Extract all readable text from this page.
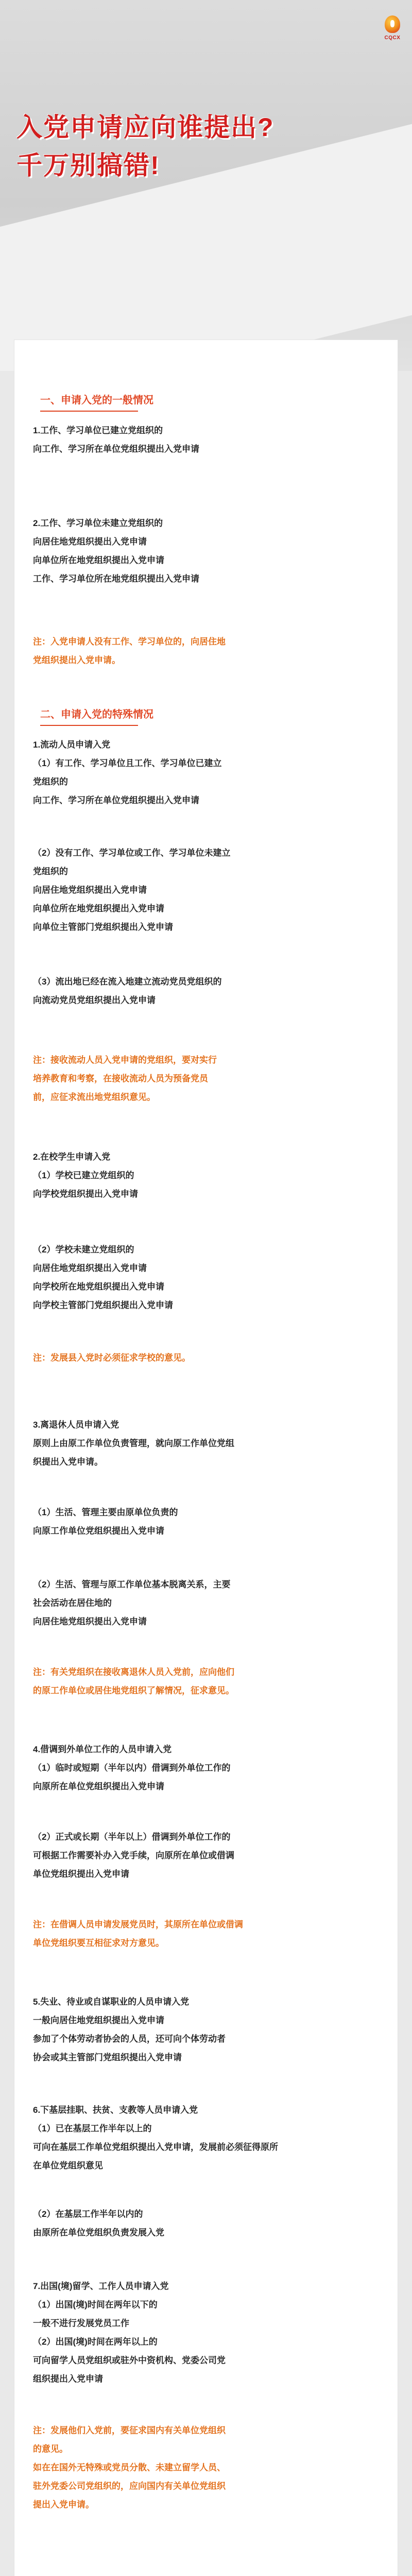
CQCX
入党申请应向谁提出?
千万别搞错!
一、申请入党的一般情况

1.工作、学习单位已建立党组织的

向工作、学习所在单位党组织提出入党申请

2.工作、学习单位未建立党组织的

向居住地党组织提出入党申请

向单位所在地党组织提出入党申请

工作、学习单位所在地党组织提出入党申请

注：入党申请人没有工作、学习单位的，向居住地

党组织提出入党申请。

二、申请入党的特殊情况

1.流动人员申请入党

（1）有工作、学习单位且工作、学习单位已建立

党组织的

向工作、学习所在单位党组织提出入党申请

（2）没有工作、学习单位或工作、学习单位未建立

党组织的

向居住地党组织提出入党申请

向单位所在地党组织提出入党申请

向单位主管部门党组织提出入党申请

（3）流出地已经在流入地建立流动党员党组织的

向流动党员党组织提出入党申请

注：接收流动人员入党申请的党组织，要对实行

培养教育和考察，在接收流动人员为预备党员

前，应征求流出地党组织意见。

2.在校学生申请入党

（1）学校已建立党组织的

向学校党组织提出入党申请

（2）学校未建立党组织的

向居住地党组织提出入党申请

向学校所在地党组织提出入党申请

向学校主管部门党组织提出入党申请

注：发展县入党时必须征求学校的意见。

3.离退休人员申请入党

原则上由原工作单位负责管理，就向原工作单位党组

织提出入党申请。

（1）生活、管理主要由原单位负责的

向原工作单位党组织提出入党申请

（2）生活、管理与原工作单位基本脱离关系，主要

社会活动在居住地的

向居住地党组织提出入党申请

注：有关党组织在接收离退休人员入党前，应向他们

的原工作单位或居住地党组织了解情况，征求意见。

4.借调到外单位工作的人员申请入党

（1）临时或短期（半年以内）借调到外单位工作的

向原所在单位党组织提出入党申请

（2）正式或长期（半年以上）借调到外单位工作的

可根据工作需要补办入党手续，向原所在单位或借调

单位党组织提出入党申请

注：在借调人员申请发展党员时，其原所在单位或借调

单位党组织要互相征求对方意见。

5.失业、待业或自谋职业的人员申请入党

一般向居住地党组织提出入党申请

参加了个体劳动者协会的人员，还可向个体劳动者

协会或其主管部门党组织提出入党申请

6.下基层挂职、扶贫、支教等人员申请入党

（1）已在基层工作半年以上的

可向在基层工作单位党组织提出入党申请，发展前必须征得原所

在单位党组织意见

（2）在基层工作半年以内的

由原所在单位党组织负责发展入党

7.出国(境)留学、工作人员申请入党

（1）出国(境)时间在两年以下的

一般不进行发展党员工作

（2）出国(境)时间在两年以上的

可向留学人员党组织或驻外中资机构、党委公司党

组织提出入党申请

注：发展他们入党前，要征求国内有关单位党组织

的意见。

如在在国外无特殊或党员分散、未建立留学人员、

驻外党委公司党组织的，应向国内有关单位党组织

提出入党申请。
